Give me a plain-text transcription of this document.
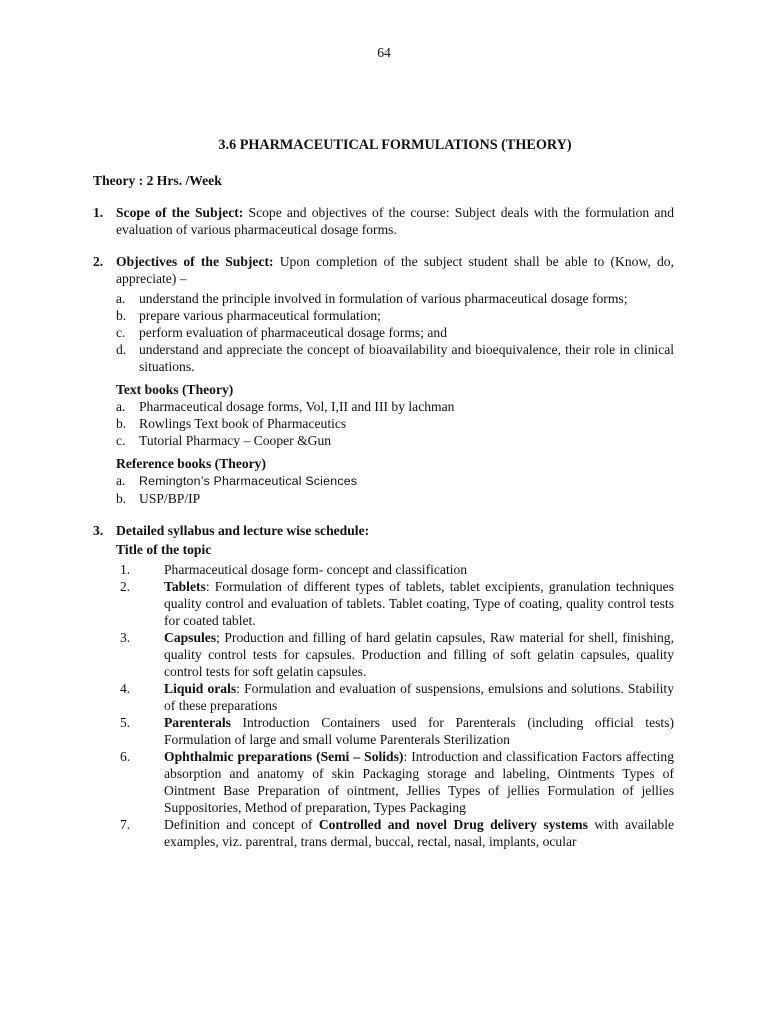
64
3.6 PHARMACEUTICAL FORMULATIONS (THEORY)

Theory : 2 Hrs. /Week

1. Scope of the Subject: Scope and objectives of the course: Subject deals with the formulation and evaluation of various pharmaceutical dosage forms.

2. Objectives of the Subject: Upon completion of the subject student shall be able to (Know, do, appreciate) –

a. understand the principle involved in formulation of various pharmaceutical dosage forms;
b. prepare various pharmaceutical formulation;
c. perform evaluation of pharmaceutical dosage forms; and
d. understand and appreciate the concept of bioavailability and bioequivalence, their role in clinical situations.
Text books (Theory)
a. Pharmaceutical dosage forms, Vol, I,II and III by lachman
b. Rowlings Text book of Pharmaceutics
c. Tutorial Pharmacy – Cooper &Gun
Reference books (Theory)
a. Remington’s Pharmaceutical Sciences
b. USP/BP/IP

3. Detailed syllabus and lecture wise schedule:

Title of the topic
1. Pharmaceutical dosage form- concept and classification
2. Tablets: Formulation of different types of tablets, tablet excipients, granulation techniques quality control and evaluation of tablets. Tablet coating, Type of coating, quality control tests for coated tablet.
3. Capsules; Production and filling of hard gelatin capsules, Raw material for shell, finishing, quality control tests for capsules. Production and filling of soft gelatin capsules, quality control tests for soft gelatin capsules.
4. Liquid orals: Formulation and evaluation of suspensions, emulsions and solutions. Stability of these preparations
5. Parenterals Introduction Containers used for Parenterals (including official tests) Formulation of large and small volume Parenterals Sterilization
6. Ophthalmic preparations (Semi – Solids): Introduction and classification Factors affecting absorption and anatomy of skin Packaging storage and labeling, Ointments Types of Ointment Base Preparation of ointment, Jellies Types of jellies Formulation of jellies Suppositories, Method of preparation, Types Packaging
7. Definition and concept of Controlled and novel Drug delivery systems with available examples, viz. parentral, trans dermal, buccal, rectal, nasal, implants, ocular
